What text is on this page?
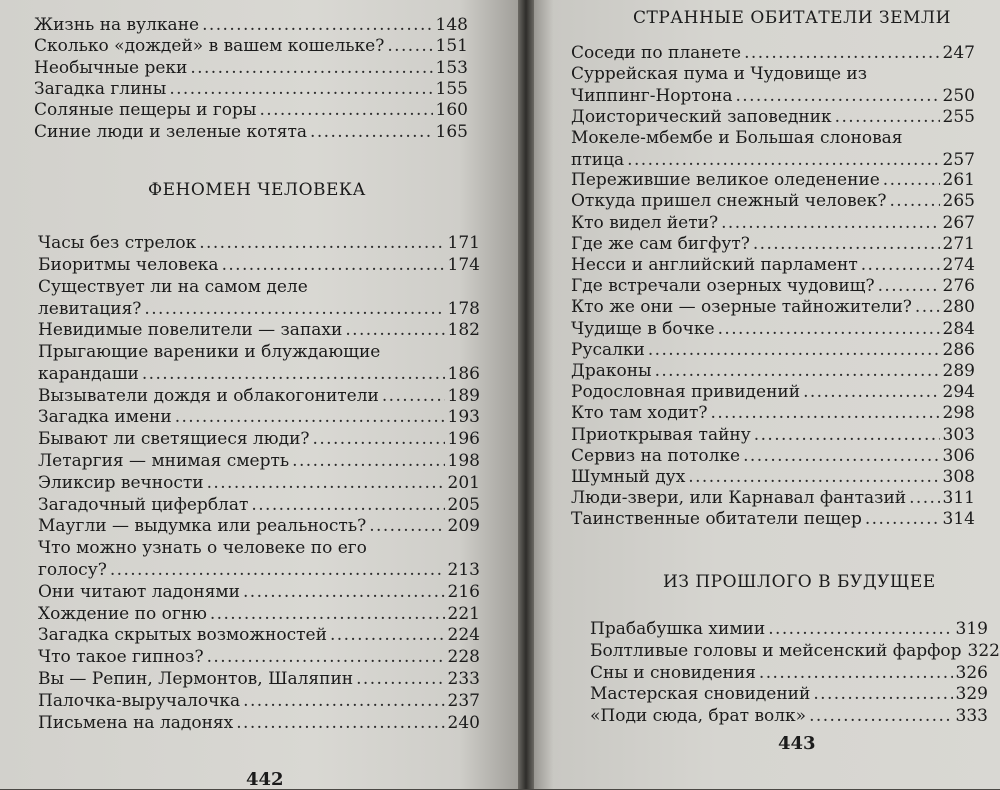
Жизнь на вулкане . . .	148
Сколько «дождей» в вашем кошельке? . . .	151
Необычные реки . . .	153
Загадка глины . . .	155
Соляные пещеры и горы . . .	160
Синие люди и зеленые котята . . .	165
ФЕНОМЕН ЧЕЛОВЕКА
Часы без стрелок . . .	171
Биоритмы человека . . .	174
Существует ли на самом деле
левитация? . . .	178
Невидимые повелители — запахи . . .	182
Прыгающие вареники и блуждающие
карандаши . . .	186
Вызыватели дождя и облакогонители . . .	189
Загадка имени . . .	193
Бывают ли светящиеся люди? . . .	196
Летаргия — мнимая смерть . . .	198
Эликсир вечности . . .	201
Загадочный циферблат . . .	205
Маугли — выдумка или реальность? . . .	209
Что можно узнать о человеке по его
голосу? . . .	213
Они читают ладонями . . .	216
Хождение по огню . . .	221
Загадка скрытых возможностей . . .	224
Что такое гипноз? . . .	228
Вы — Репин, Лермонтов, Шаляпин . . .	233
Палочка-выручалочка . . .	237
Письмена на ладонях . . .	240
442
СТРАННЫЕ ОБИТАТЕЛИ ЗЕМЛИ
Соседи по планете . . .	247
Суррейская пума и Чудовище из
Чиппинг-Нортона . . .	250
Доисторический заповедник . . .	255
Мокеле-мбембе и Большая слоновая
птица . . .	257
Пережившие великое оледенение . . .	261
Откуда пришел снежный человек? . . .	265
Кто видел йети? . . .	267
Где же сам бигфут? . . .	271
Несси и английский парламент . . .	274
Где встречали озерных чудовищ? . . .	276
Кто же они — озерные тайножители? . . . 280
Чудище в бочке . . .	284
Русалки . . .	286
Драконы . . .	289
Родословная привидений . . .	294
Кто там ходит? . . .	298
Приоткрывая тайну . . .	303
Сервиз на потолке . . .	306
Шумный дух . . .	308
Люди-звери, или Карнавал фантазий . . . 311
Таинственные обитатели пещер . . .	314
ИЗ ПРОШЛОГО В БУДУЩЕЕ
Прабабушка химии . . .	319
Болтливые головы и мейсенский фарфор 322
Сны и сновидения . . .	326
Мастерская сновидений . . .	329
«Поди сюда, брат волк» . . .	333
443
